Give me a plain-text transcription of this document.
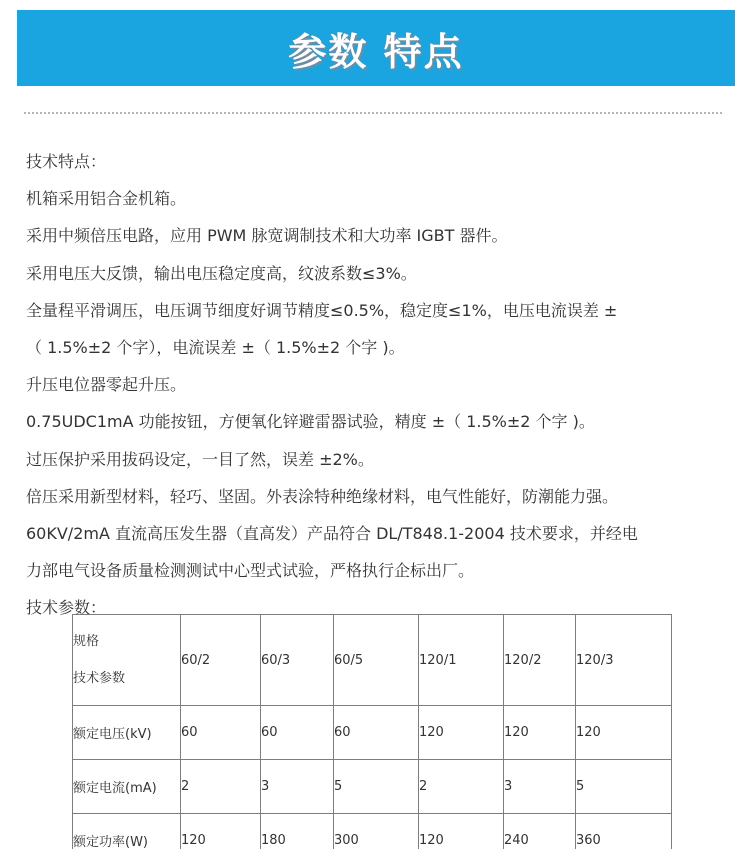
参数 特点
技术特点：
机箱采用铝合金机箱。
采用中频倍压电路，应用 PWM 脉宽调制技术和大功率 IGBT 器件。
采用电压大反馈，输出电压稳定度高，纹波系数≤3%。
全量程平滑调压，电压调节细度好调节精度≤0.5%，稳定度≤1%，电压电流误差 ±
（ 1.5%±2 个字），电流误差 ±（ 1.5%±2 个字 )。
升压电位器零起升压。
0.75UDC1mA 功能按钮，方便氧化锌避雷器试验，精度 ±（ 1.5%±2 个字 )。
过压保护采用拔码设定，一目了然，误差 ±2%。
倍压采用新型材料，轻巧、坚固。外表涂特种绝缘材料，电气性能好，防潮能力强。
60KV/2mA 直流高压发生器（直高发）产品符合 DL/T848.1-2004 技术要求，并经电
力部电气设备质量检测测试中心型式试验，严格执行企标出厂。
技术参数：
规格
技术参数	60/2	60/3	60/5	120/1	120/2	120/3
额定电压(kV)	60	60	60	120	120	120
额定电流(mA)	2	3	5	2	3	5
额定功率(W)	120	180	300	120	240	360
